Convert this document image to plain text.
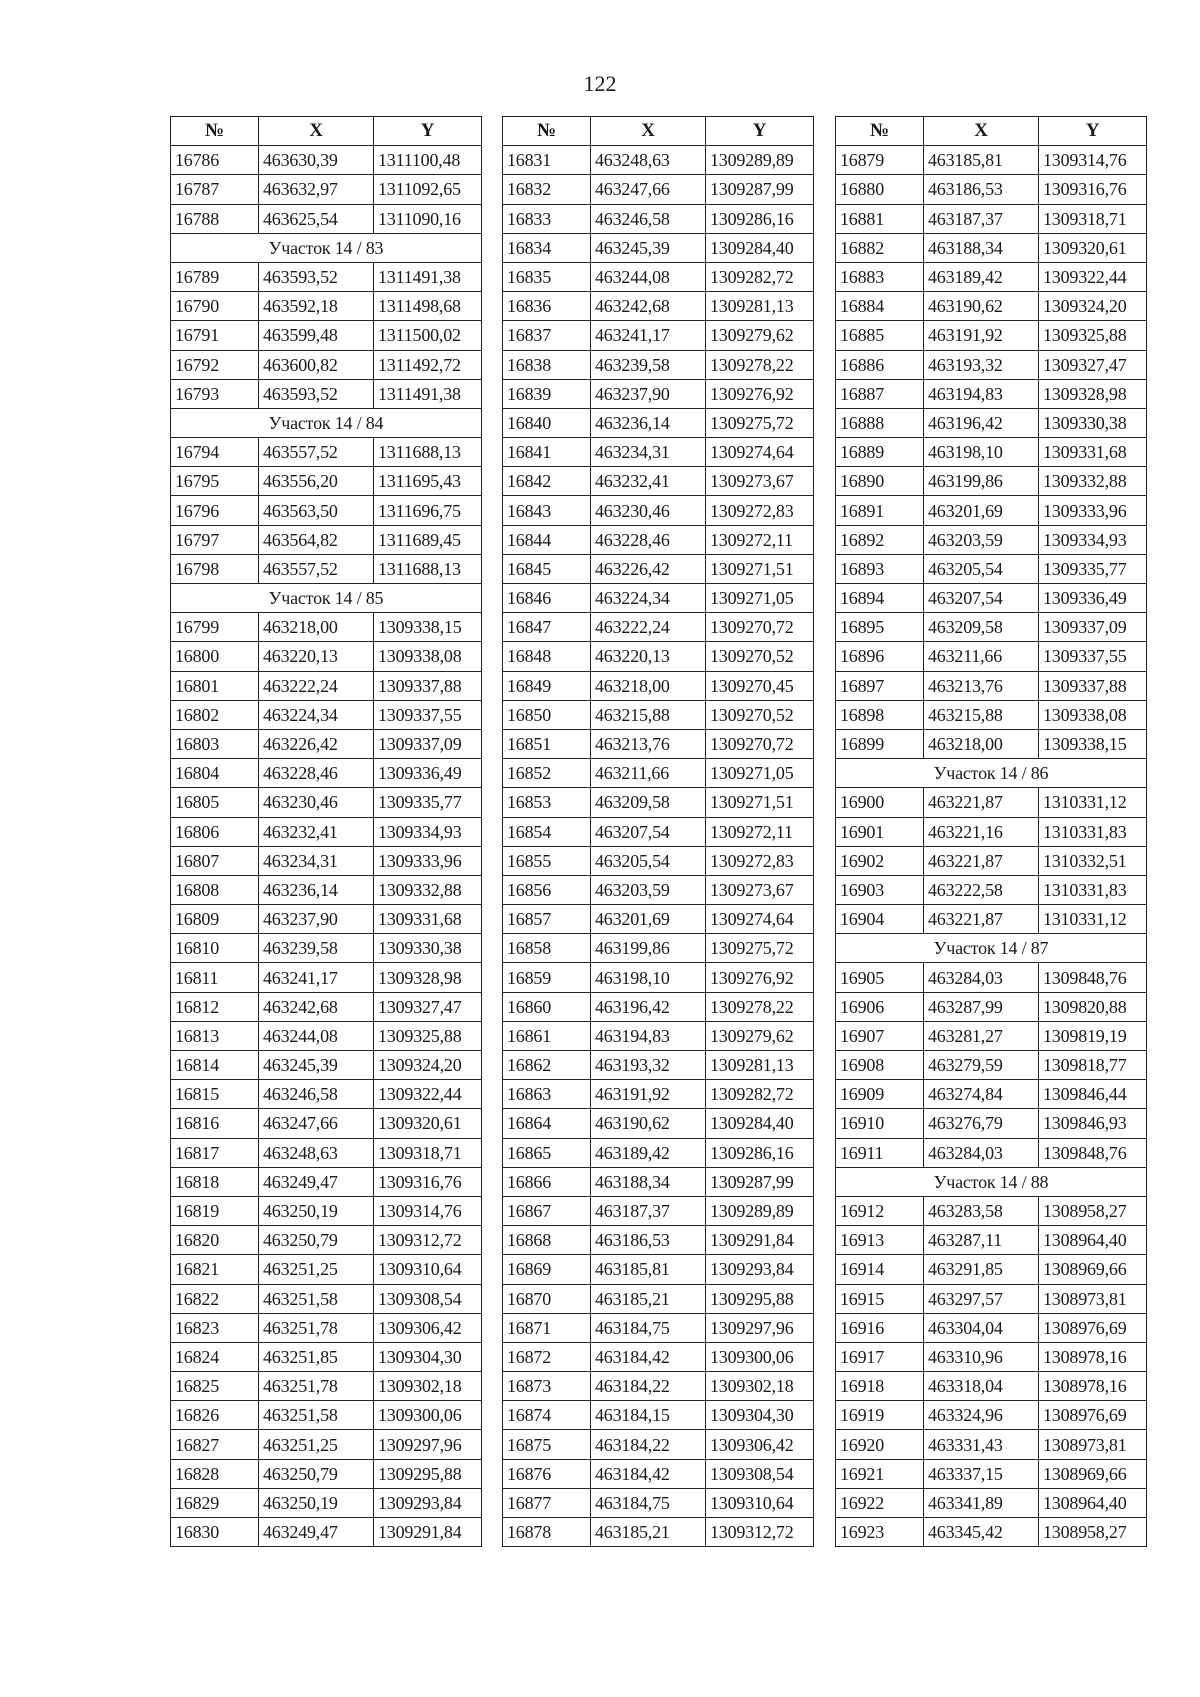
122
№	X	Y
16786	463630,39	1311100,48
16787	463632,97	1311092,65
16788	463625,54	1311090,16
Участок 14 / 83		
16789	463593,52	1311491,38
16790	463592,18	1311498,68
16791	463599,48	1311500,02
16792	463600,82	1311492,72
16793	463593,52	1311491,38
Участок 14 / 84		
16794	463557,52	1311688,13
16795	463556,20	1311695,43
16796	463563,50	1311696,75
16797	463564,82	1311689,45
16798	463557,52	1311688,13
Участок 14 / 85		
16799	463218,00	1309338,15
16800	463220,13	1309338,08
16801	463222,24	1309337,88
16802	463224,34	1309337,55
16803	463226,42	1309337,09
16804	463228,46	1309336,49
16805	463230,46	1309335,77
16806	463232,41	1309334,93
16807	463234,31	1309333,96
16808	463236,14	1309332,88
16809	463237,90	1309331,68
16810	463239,58	1309330,38
16811	463241,17	1309328,98
16812	463242,68	1309327,47
16813	463244,08	1309325,88
16814	463245,39	1309324,20
16815	463246,58	1309322,44
16816	463247,66	1309320,61
16817	463248,63	1309318,71
16818	463249,47	1309316,76
16819	463250,19	1309314,76
16820	463250,79	1309312,72
16821	463251,25	1309310,64
16822	463251,58	1309308,54
16823	463251,78	1309306,42
16824	463251,85	1309304,30
16825	463251,78	1309302,18
16826	463251,58	1309300,06
16827	463251,25	1309297,96
16828	463250,79	1309295,88
16829	463250,19	1309293,84
16830	463249,47	1309291,84
№	X	Y
16831	463248,63	1309289,89
16832	463247,66	1309287,99
16833	463246,58	1309286,16
16834	463245,39	1309284,40
16835	463244,08	1309282,72
16836	463242,68	1309281,13
16837	463241,17	1309279,62
16838	463239,58	1309278,22
16839	463237,90	1309276,92
16840	463236,14	1309275,72
16841	463234,31	1309274,64
16842	463232,41	1309273,67
16843	463230,46	1309272,83
16844	463228,46	1309272,11
16845	463226,42	1309271,51
16846	463224,34	1309271,05
16847	463222,24	1309270,72
16848	463220,13	1309270,52
16849	463218,00	1309270,45
16850	463215,88	1309270,52
16851	463213,76	1309270,72
16852	463211,66	1309271,05
16853	463209,58	1309271,51
16854	463207,54	1309272,11
16855	463205,54	1309272,83
16856	463203,59	1309273,67
16857	463201,69	1309274,64
16858	463199,86	1309275,72
16859	463198,10	1309276,92
16860	463196,42	1309278,22
16861	463194,83	1309279,62
16862	463193,32	1309281,13
16863	463191,92	1309282,72
16864	463190,62	1309284,40
16865	463189,42	1309286,16
16866	463188,34	1309287,99
16867	463187,37	1309289,89
16868	463186,53	1309291,84
16869	463185,81	1309293,84
16870	463185,21	1309295,88
16871	463184,75	1309297,96
16872	463184,42	1309300,06
16873	463184,22	1309302,18
16874	463184,15	1309304,30
16875	463184,22	1309306,42
16876	463184,42	1309308,54
16877	463184,75	1309310,64
16878	463185,21	1309312,72
№	X	Y
16879	463185,81	1309314,76
16880	463186,53	1309316,76
16881	463187,37	1309318,71
16882	463188,34	1309320,61
16883	463189,42	1309322,44
16884	463190,62	1309324,20
16885	463191,92	1309325,88
16886	463193,32	1309327,47
16887	463194,83	1309328,98
16888	463196,42	1309330,38
16889	463198,10	1309331,68
16890	463199,86	1309332,88
16891	463201,69	1309333,96
16892	463203,59	1309334,93
16893	463205,54	1309335,77
16894	463207,54	1309336,49
16895	463209,58	1309337,09
16896	463211,66	1309337,55
16897	463213,76	1309337,88
16898	463215,88	1309338,08
16899	463218,00	1309338,15
Участок 14 / 86		
16900	463221,87	1310331,12
16901	463221,16	1310331,83
16902	463221,87	1310332,51
16903	463222,58	1310331,83
16904	463221,87	1310331,12
Участок 14 / 87		
16905	463284,03	1309848,76
16906	463287,99	1309820,88
16907	463281,27	1309819,19
16908	463279,59	1309818,77
16909	463274,84	1309846,44
16910	463276,79	1309846,93
16911	463284,03	1309848,76
Участок 14 / 88		
16912	463283,58	1308958,27
16913	463287,11	1308964,40
16914	463291,85	1308969,66
16915	463297,57	1308973,81
16916	463304,04	1308976,69
16917	463310,96	1308978,16
16918	463318,04	1308978,16
16919	463324,96	1308976,69
16920	463331,43	1308973,81
16921	463337,15	1308969,66
16922	463341,89	1308964,40
16923	463345,42	1308958,27
